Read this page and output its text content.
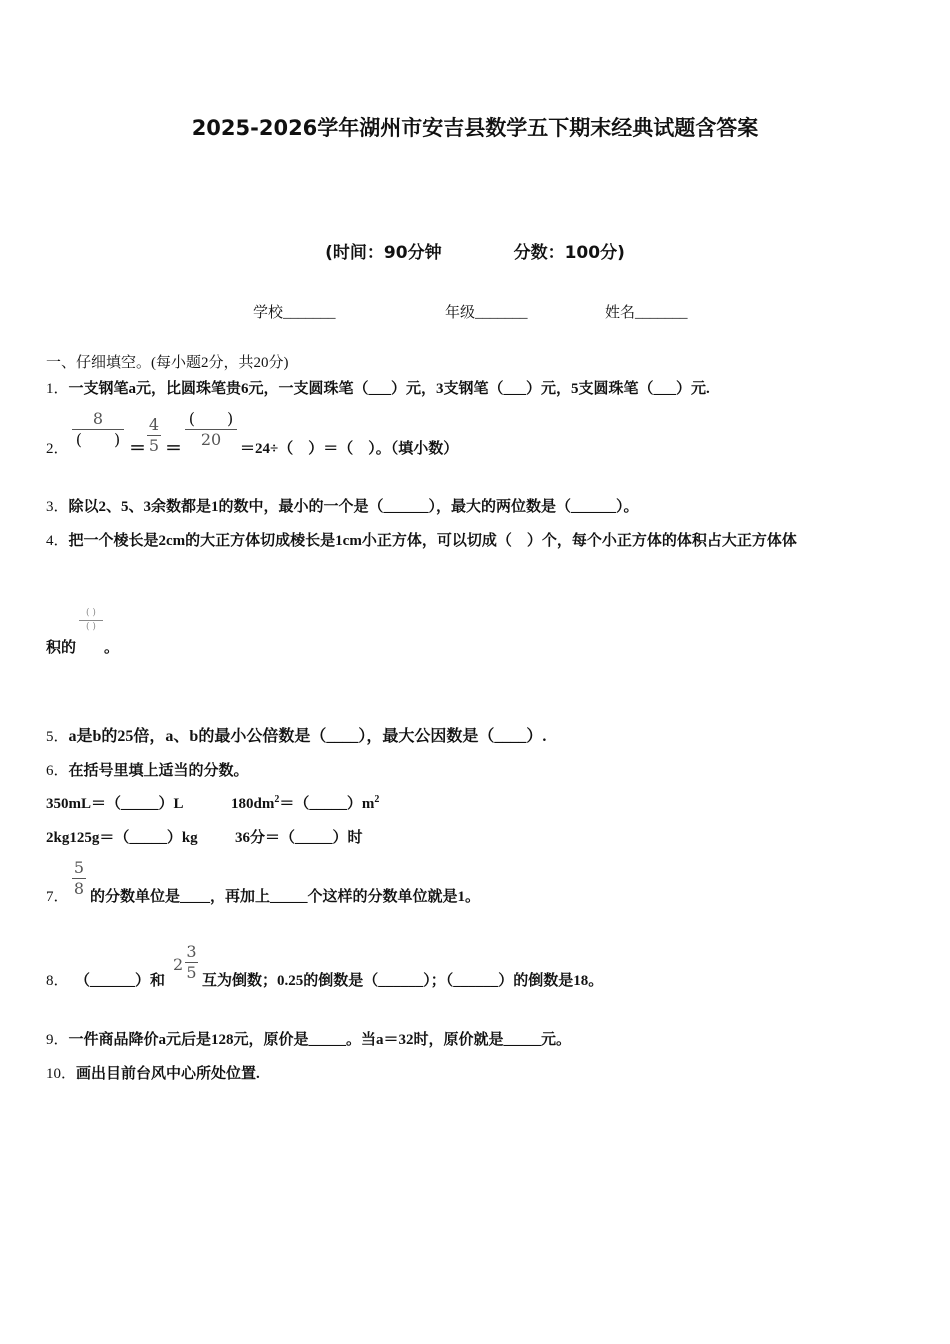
2025-2026学年湖州市安吉县数学五下期末经典试题含答案
(时间：90分钟	分数：100分)
学校_______	年级_______	姓名_______
一、仔细填空。(每小题2分，共20分)
1．一支钢笔a元，比圆珠笔贵6元，一支圆珠笔（___）元，3支钢笔（___）元，5支圆珠笔（___）元.
2．
8
(　　) ＝
4
5 ＝
(　　)
20	＝24÷（　）＝（　）。（填小数）
3．除以2、5、3余数都是1的数中，最小的一个是（______），最大的两位数是（______）。
4．把一个棱长是2cm的大正方体切成棱长是1cm小正方体，可以切成（　）个，每个小正方体的体积占大正方体体
积的
( )
( )
。
5．a是b的25倍，a、b的最小公倍数是（____），最大公因数是（____）.
6．在括号里填上适当的分数。
350mL＝（_____）L	$180dm^2=(\_\_\_\_\_)m^2$
2kg125g＝（_____）kg 36分＝（_____）时
7．
5
8 的分数单位是____，再加上_____个这样的分数单位就是1。
8． （______）和
2
3
5 互为倒数；0.25的倒数是（______）；（______）的倒数是18。
9．一件商品降价a元后是128元，原价是_____。当a＝32时，原价就是_____元。
10．画出目前台风中心所处位置.
